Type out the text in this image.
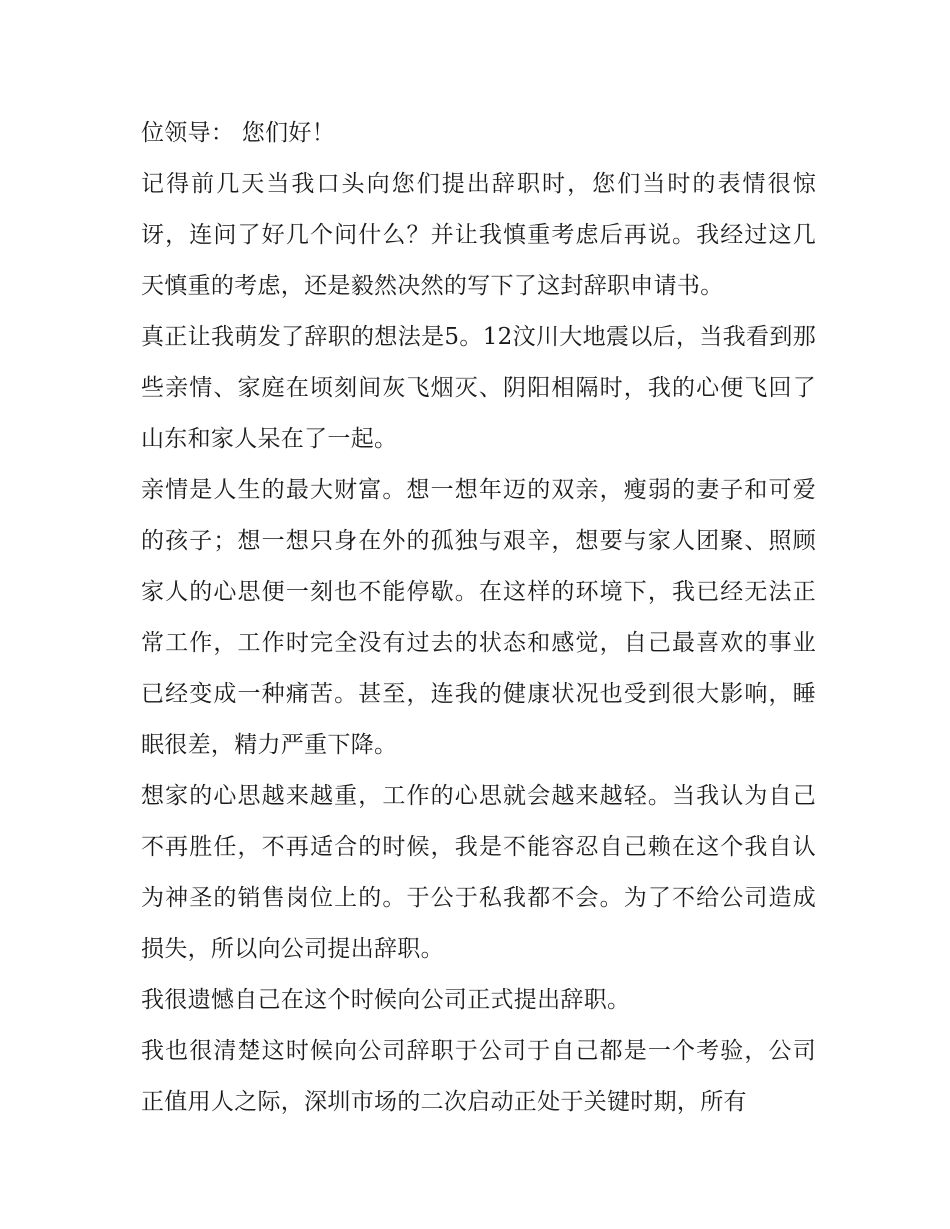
位领导： 您们好！

记得前几天当我口头向您们提出辞职时，您们当时的表情很惊讶，连问了好几个问什么？并让我慎重考虑后再说。我经过这几天慎重的考虑，还是毅然决然的写下了这封辞职申请书。

真正让我萌发了辞职的想法是5。12汶川大地震以后，当我看到那些亲情、家庭在顷刻间灰飞烟灭、阴阳相隔时，我的心便飞回了山东和家人呆在了一起。

亲情是人生的最大财富。想一想年迈的双亲，瘦弱的妻子和可爱的孩子；想一想只身在外的孤独与艰辛，想要与家人团聚、照顾家人的心思便一刻也不能停歇。在这样的环境下，我已经无法正常工作，工作时完全没有过去的状态和感觉，自己最喜欢的事业已经变成一种痛苦。甚至，连我的健康状况也受到很大影响，睡眠很差，精力严重下降。

想家的心思越来越重，工作的心思就会越来越轻。当我认为自己不再胜任，不再适合的时候，我是不能容忍自己赖在这个我自认为神圣的销售岗位上的。于公于私我都不会。为了不给公司造成损失，所以向公司提出辞职。

我很遗憾自己在这个时候向公司正式提出辞职。

我也很清楚这时候向公司辞职于公司于自己都是一个考验，公司正值用人之际，深圳市场的二次启动正处于关键时期，所有
